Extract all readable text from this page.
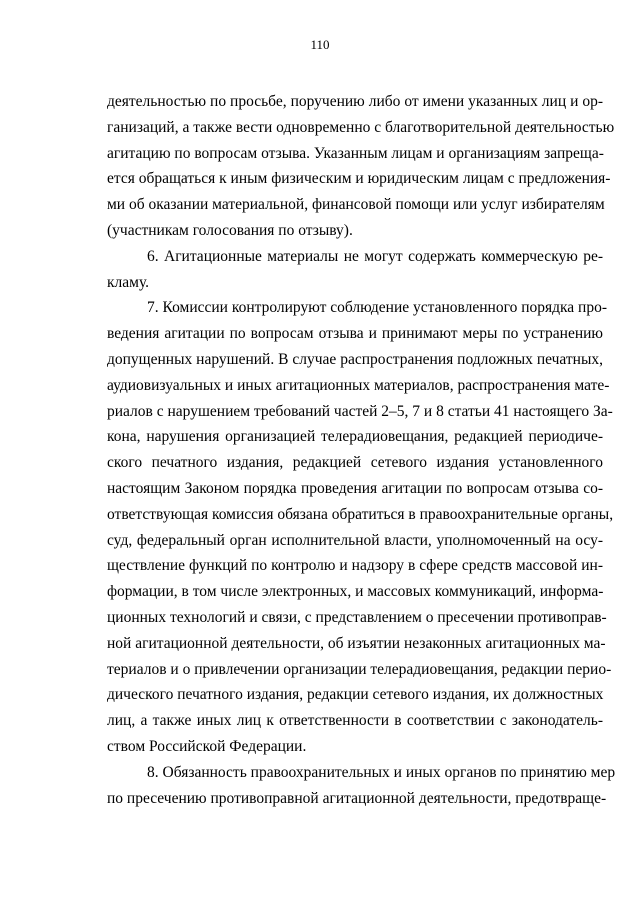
110
деятельностью по просьбе, поручению либо от имени указанных лиц и ор-
ганизаций, а также вести одновременно с благотворительной деятельностью
агитацию по вопросам отзыва. Указанным лицам и организациям запреща-
ется обращаться к иным физическим и юридическим лицам с предложения-
ми об оказании материальной, финансовой помощи или услуг избирателям
(участникам голосования по отзыву).
6. Агитационные материалы не могут содержать коммерческую ре-
кламу.
7. Комиссии контролируют соблюдение установленного порядка про-
ведения агитации по вопросам отзыва и принимают меры по устранению
допущенных нарушений. В случае распространения подложных печатных,
аудиовизуальных и иных агитационных материалов, распространения мате-
риалов с нарушением требований частей 2–5, 7 и 8 статьи 41 настоящего За-
кона, нарушения организацией телерадиовещания, редакцией периодиче-
ского печатного издания, редакцией сетевого издания установленного
настоящим Законом порядка проведения агитации по вопросам отзыва со-
ответствующая комиссия обязана обратиться в правоохранительные органы,
суд, федеральный орган исполнительной власти, уполномоченный на осу-
ществление функций по контролю и надзору в сфере средств массовой ин-
формации, в том числе электронных, и массовых коммуникаций, информа-
ционных технологий и связи, с представлением о пресечении противоправ-
ной агитационной деятельности, об изъятии незаконных агитационных ма-
териалов и о привлечении организации телерадиовещания, редакции перио-
дического печатного издания, редакции сетевого издания, их должностных
лиц, а также иных лиц к ответственности в соответствии с законодатель-
ством Российской Федерации.
8. Обязанность правоохранительных и иных органов по принятию мер
по пресечению противоправной агитационной деятельности, предотвраще-
